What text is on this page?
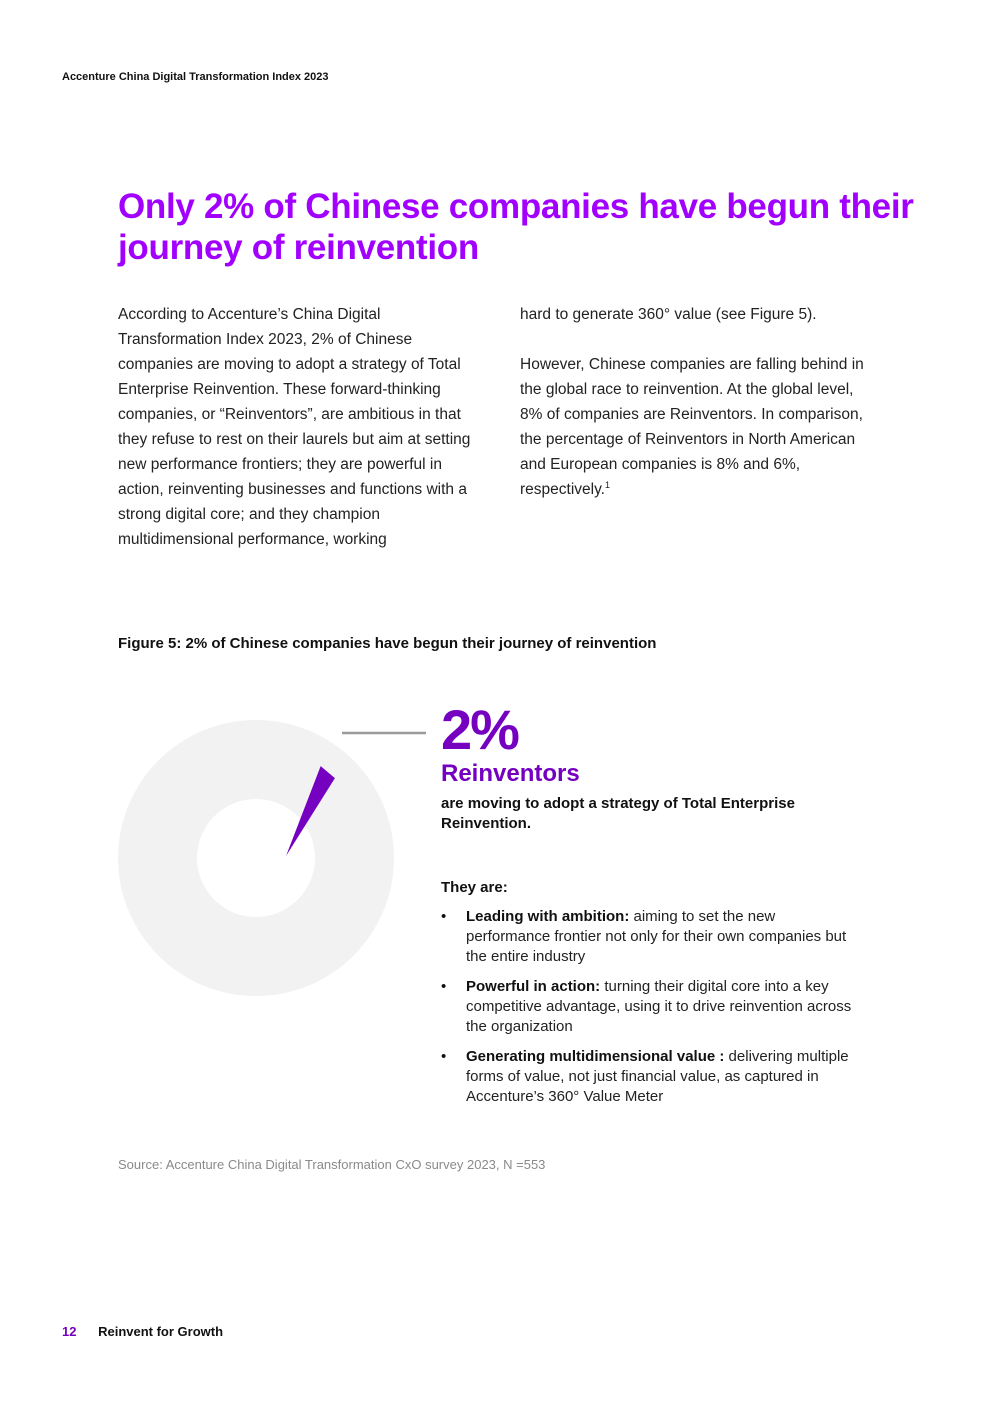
Accenture China Digital Transformation Index 2023
Only 2% of Chinese companies have begun their journey of reinvention

According to Accenture’s China Digital Transformation Index 2023, 2% of Chinese companies are moving to adopt a strategy of Total Enterprise Reinvention. These forward-thinking companies, or “Reinventors”, are ambitious in that they refuse to rest on their laurels but aim at setting new performance frontiers; they are powerful in action, reinventing businesses and functions with a strong digital core; and they champion multidimensional performance, working

hard to generate 360° value (see Figure 5).

However, Chinese companies are falling behind in the global race to reinvention. At the global level, 8% of companies are Reinventors. In comparison, the percentage of Reinventors in North American and European companies is 8% and 6%, respectively.$^1$

Figure 5: 2% of Chinese companies have begun their journey of reinvention
2%
Reinventors
are moving to adopt a strategy of Total Enterprise Reinvention.
They are:
• Leading with ambition: aiming to set the new performance frontier not only for their own companies but the entire industry
• Powerful in action: turning their digital core into a key competitive advantage, using it to drive reinvention across the organization
• Generating multidimensional value : delivering multiple forms of value, not just financial value, as captured in Accenture’s 360° Value Meter
Source: Accenture China Digital Transformation CxO survey 2023, N =553
12 Reinvent for Growth
